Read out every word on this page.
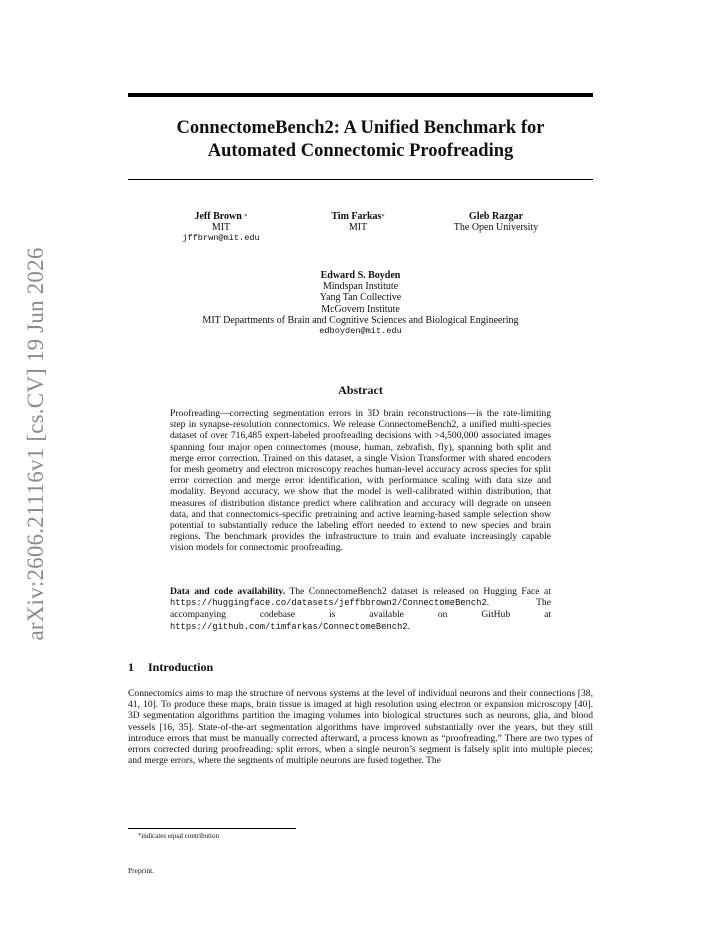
arXiv:2606.21116v1 [cs.CV] 19 Jun 2026
ConnectomeBench2: A Unified Benchmark for
Automated Connectomic Proofreading
Jeff Brown *
MIT
jffbrwn@mit.edu
Tim Farkas*
MIT
Gleb Razgar
The Open University
Edward S. Boyden
Mindspan Institute
Yang Tan Collective
McGovern Institute
MIT Departments of Brain and Cognitive Sciences and Biological Engineering
edboyden@mit.edu
Abstract
Proofreading—correcting segmentation errors in 3D brain reconstructions—is the rate-limiting step in synapse-resolution connectomics. We release ConnectomeBench2, a unified multi-species dataset of over 716,485 expert-labeled proofreading decisions with >4,500,000 associated images spanning four major open connectomes (mouse, human, zebrafish, fly), spanning both split and merge error correction. Trained on this dataset, a single Vision Transformer with shared encoders for mesh geometry and electron microscopy reaches human-level accuracy across species for split error correction and merge error identification, with performance scaling with data size and modality. Beyond accuracy, we show that the model is well-calibrated within distribution, that measures of distribution distance predict where calibration and accuracy will degrade on unseen data, and that connectomics-specific pretraining and active learning-based sample selection show potential to substantially reduce the labeling effort needed to extend to new species and brain regions. The benchmark provides the infrastructure to train and evaluate increasingly capable vision models for connectomic proofreading.
Data and code availability. The ConnectomeBench2 dataset is released on Hugging Face at https://huggingface.co/datasets/jeffbbrown2/ConnectomeBench2. The accompanying codebase is available on GitHub at https://github.com/timfarkas/ConnectomeBench2.
1 Introduction
Connectomics aims to map the structure of nervous systems at the level of individual neurons and their connections [38, 41, 10]. To produce these maps, brain tissue is imaged at high resolution using electron or expansion microscopy [40]. 3D segmentation algorithms partition the imaging volumes into biological structures such as neurons, glia, and blood vessels [16, 35]. State-of-the-art segmentation algorithms have improved substantially over the years, but they still introduce errors that must be manually corrected afterward, a process known as “proofreading.” There are two types of errors corrected during proofreading: split errors, when a single neuron’s segment is falsely split into multiple pieces; and merge errors, where the segments of multiple neurons are fused together. The
*indicates equal contribution
Preprint.
